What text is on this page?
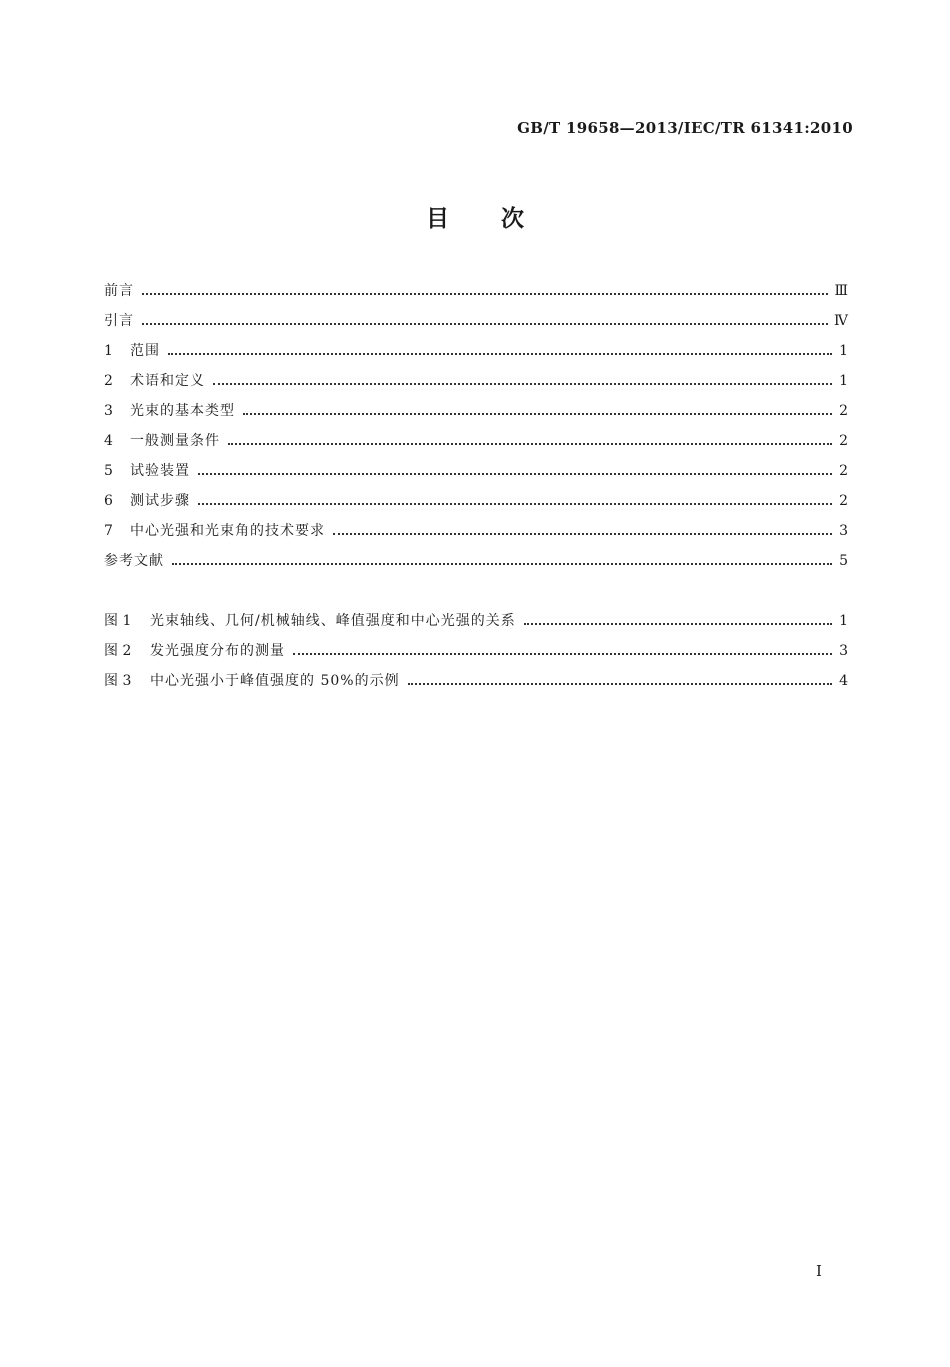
GB/T 19658—2013/IEC/TR 61341:2010
目次
前言	Ⅲ
引言	Ⅳ
1	范围	1
2	术语和定义	1
3	光束的基本类型	2
4	一般测量条件	2
5	试验装置	2
6	测试步骤	2
7	中心光强和光束角的技术要求	3
参考文献	5
图 1	光束轴线、几何/机械轴线、峰值强度和中心光强的关系	1
图 2	发光强度分布的测量	3
图 3	中心光强小于峰值强度的 50%的示例	4
I
